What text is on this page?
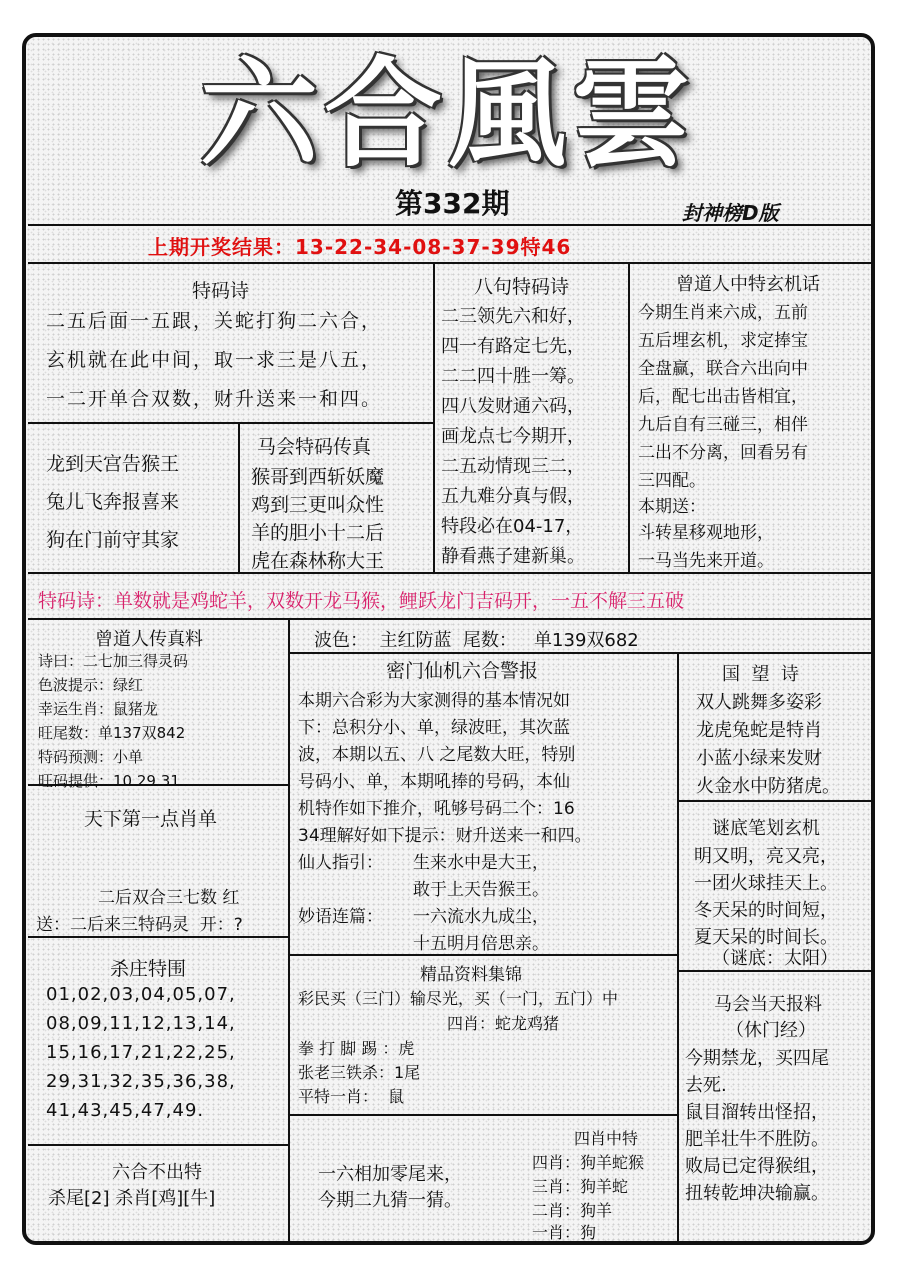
六合風雲
第332期	封神榜D版
上期开奖结果：13-22-34-08-37-39特46
特码诗
二五后面一五跟，关蛇打狗二六合，
玄机就在此中间，取一求三是八五，
一二开单合双数，财升送来一和四。
八句特码诗
二三领先六和好，
四一有路定七先，
二二四十胜一筹。
四八发财通六码，
画龙点七今期开，
二五动情现三二，
五九难分真与假，
特段必在04-17，
静看燕子建新巢。
曾道人中特玄机话
今期生肖来六成，五前
五后埋玄机，求定捧宝
全盘赢，联合六出向中
后，配七出击皆相宜，
九后自有三碰三，相伴
二出不分离，回看另有
三四配。
本期送：
斗转星移观地形，
一马当先来开道。
龙到天宫告猴王
兔儿飞奔报喜来
狗在门前守其家
马会特码传真
猴哥到西斩妖魔
鸡到三更叫众性
羊的胆小十二后
虎在森林称大王
特码诗：单数就是鸡蛇羊，双数开龙马猴，鲤跃龙门吉码开，一五不解三五破
曾道人传真料
诗曰：二七加三得灵码
色波提示：绿红
幸运生肖：鼠猪龙
旺尾数：单137双842
特码预测：小单
旺码提供：10 29 31
波色：  主红防蓝  尾数：   单139双682
密门仙机六合警报
本期六合彩为大家测得的基本情况如
下：总积分小、单，绿波旺，其次蓝
波，本期以五、八 之尾数大旺，特别
号码小、单，本期吼捧的号码，本仙
机特作如下推介，吼够号码二个：16
34理解好如下提示：财升送来一和四。
仙人指引： 生来水中是大王，
敢于上天告猴王。
妙语连篇： 一六流水九成尘，
十五明月倍思亲。
国  望  诗
双人跳舞多姿彩
龙虎兔蛇是特肖
小蓝小绿来发财
火金水中防猪虎。
谜底笔划玄机
明又明，亮又亮，
一团火球挂天上。
冬天呆的时间短，
夏天呆的时间长。
（谜底：太阳）
天下第一点肖单
二后双合三七数 红
送：二后来三特码灵  开：?
杀庄特围
01,02,03,04,05,07,
08,09,11,12,13,14,
15,16,17,21,22,25,
29,31,32,35,36,38,
41,43,45,47,49.
精品资料集锦
彩民买（三门）输尽光，买（一门，五门）中
四肖：蛇龙鸡猪
拳 打 脚 踢 ：虎
张老三铁杀：1尾
平特一肖：  鼠
马会当天报料
（休门经）
今期禁龙，买四尾
去死.
鼠目溜转出怪招，
肥羊壮牛不胜防。
败局已定得猴组，
扭转乾坤决输赢。
六合不出特
杀尾[2] 杀肖[鸡][牛]
一六相加零尾来，
今期二九猜一猜。
四肖中特
四肖：狗羊蛇猴
三肖：狗羊蛇
二肖：狗羊
一肖：狗
